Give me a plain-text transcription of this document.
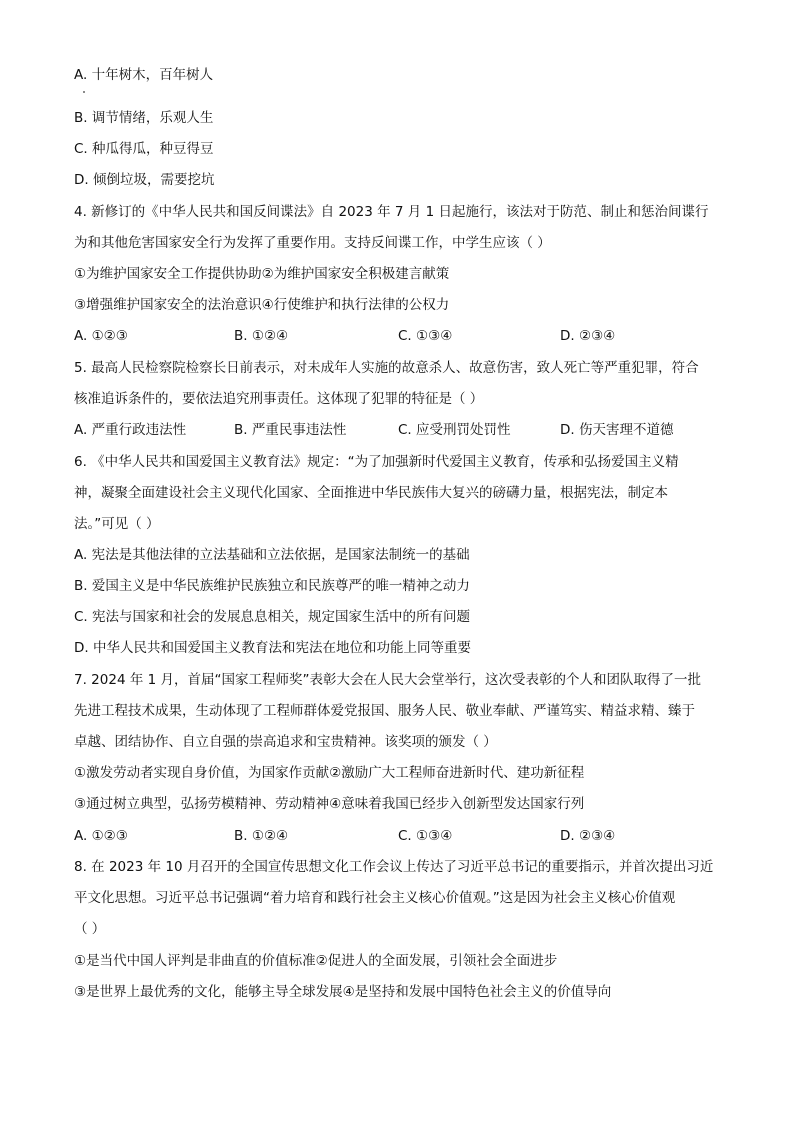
A. 十年树木，百年树人
B. 调节情绪，乐观人生
C. 种瓜得瓜，种豆得豆
D. 倾倒垃圾，需要挖坑
4. 新修订的《中华人民共和国反间谍法》自 2023 年 7 月 1 日起施行，该法对于防范、制止和惩治间谍行
为和其他危害国家安全行为发挥了重要作用。支持反间谍工作，中学生应该（ ）
①为维护国家安全工作提供协助②为维护国家安全积极建言献策
③增强维护国家安全的法治意识④行使维护和执行法律的公权力
A. ①②③	B. ①②④	C. ①③④	D. ②③④
5. 最高人民检察院检察长日前表示，对未成年人实施的故意杀人、故意伤害，致人死亡等严重犯罪，符合
核准追诉条件的，要依法追究刑事责任。这体现了犯罪的特征是（ ）
A. 严重行政违法性	B. 严重民事违法性	C. 应受刑罚处罚性	D. 伤天害理不道德
6. 《中华人民共和国爱国主义教育法》规定：“为了加强新时代爱国主义教育，传承和弘扬爱国主义精
神，凝聚全面建设社会主义现代化国家、全面推进中华民族伟大复兴的磅礴力量，根据宪法，制定本
法。”可见（ ）
A. 宪法是其他法律的立法基础和立法依据，是国家法制统一的基础
B. 爱国主义是中华民族维护民族独立和民族尊严的唯一精神之动力
C. 宪法与国家和社会的发展息息相关，规定国家生活中的所有问题
D. 中华人民共和国爱国主义教育法和宪法在地位和功能上同等重要
7. 2024 年 1 月，首届“国家工程师奖”表彰大会在人民大会堂举行，这次受表彰的个人和团队取得了一批
先进工程技术成果，生动体现了工程师群体爱党报国、服务人民、敬业奉献、严谨笃实、精益求精、臻于
卓越、团结协作、自立自强的崇高追求和宝贵精神。该奖项的颁发（ ）
①激发劳动者实现自身价值，为国家作贡献②激励广大工程师奋进新时代、建功新征程
③通过树立典型，弘扬劳模精神、劳动精神④意味着我国已经步入创新型发达国家行列
A. ①②③	B. ①②④	C. ①③④	D. ②③④
8. 在 2023 年 10 月召开的全国宣传思想文化工作会议上传达了习近平总书记的重要指示，并首次提出习近
平文化思想。习近平总书记强调“着力培育和践行社会主义核心价值观。”这是因为社会主义核心价值观
（ ）
①是当代中国人评判是非曲直的价值标准②促进人的全面发展，引领社会全面进步
③是世界上最优秀的文化，能够主导全球发展④是坚持和发展中国特色社会主义的价值导向
